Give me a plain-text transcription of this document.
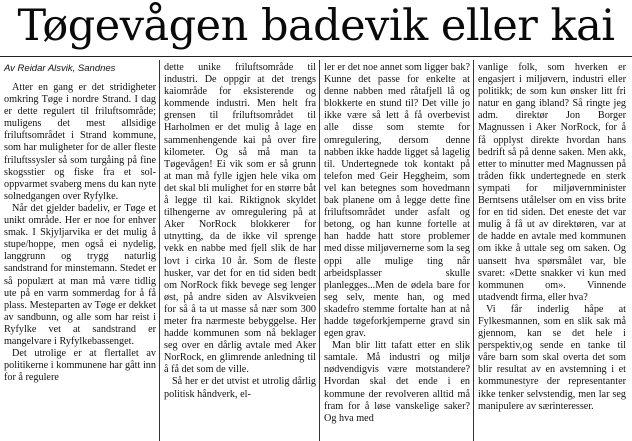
Tøgevågen badevik eller kai
Av Reidar Alsvik, Sandnes

Atter en gang er det stridigheter omkring Tøge i nordre Strand. I dag er dette regulert til friluftsområde; muligens det mest allsidige friluftsområdet i Strand kommune, som har muligheter for de aller fleste friluftssysler så som turgåing på fine skogsstier og fiske fra et sol-oppvarmet svaberg mens du kan nyte solnedgangen over Ryfylke.

Når det gjelder badeliv, er Tøge et unikt område. Her er noe for enhver smak. I Skjyljarvika er det mulig å stupe/hoppe, men også ei nydelig, langgrunn og trygg naturlig sandstrand for minstemann. Stedet er så populært at man må være tidlig ute på en varm sommerdag for å få plass. Mesteparten av Tøge er dekket av sandbunn, og alle som har reist i Ryfylke vet at sandstrand er mangelvare i Ryfylkebassenget.

Det utrolige er at flertallet av politikerne i kommunene har gått inn for å regulere

dette unike friluftsområde til industri. De oppgir at det trengs kaiområde for eksisterende og kommende industri. Men helt fra grensen til friluftsområdet til Harholmen er det mulig å lage en sammenhengende kai på over fire kilometer. Og så må man ta Tøgevågen! Ei vik som er så grunn at man må fylle igjen hele vika om det skal bli mulighet for en større båt å legge til kai. Riktignok skyldet tilhengerne av omregulering på at Aker NorRock blokkerer for utnytting, da de ikke vil sprenge vekk en nabbe med fjell slik de har lovt i cirka 10 år. Som de fleste husker, var det for en tid siden bedt om NorRock fikk bevege seg lenger øst, på andre siden av Alsvikveien for så å ta ut masse så nær som 300 meter fra nærmeste bebyggelse. Her hadde kommunen som nå beklager seg over en dårlig avtale med Aker NorRock, en glimrende anledning til å få det som de ville.

Så her er det utvist et utrolig dårlig politisk håndverk, el-

ler er det noe annet som ligger bak? Kunne det passe for enkelte at denne nabben med råtafjell lå og blokkerte en stund til? Det ville jo ikke være så lett å få overbevist alle disse som stemte for omregulering, dersom denne nabben ikke hadde ligget så lagelig til. Undertegnede tok kontakt på telefon med Geir Heggheim, som vel kan betegnes som hovedmann bak planene om å legge dette fine friluftsområdet under asfalt og betong, og han kunne fortelle at han hadde hatt store problemer med disse miljøvernerne som la seg oppi alle mulige ting når arbeidsplasser skulle planlegges...Men de ødela bare for seg selv, mente han, og med skadefro stemme fortalte han at nå hadde tøgeforkjemperne gravd sin egen grav.

Man blir litt tafatt etter en slik samtale. Må industri og miljø nødvendigvis være motstandere? Hvordan skal det ende i en kommune der revolveren alltid må fram for å løse vanskelige saker? Og hva med

vanlige folk, som hverken er engasjert i miljøvern, industri eller politikk; de som kun ønsker litt fri natur en gang ibland? Så ringte jeg adm. direktør Jon Borger Magnussen i Aker NorRock, for å få opplyst direkte hvordan hans bedrift så på denne saken. Men akk, etter to minutter med Magnussen på tråden fikk undertegnede en sterk sympati for miljøvernminister Berntsens utålelser om en viss brite for en tid siden. Det eneste det var mulig å få ut av direktøren, var at de hadde en avtale med kommunen om ikke å uttale seg om saken. Og uansett hva spørsmålet var, ble svaret: «Dette snakker vi kun med kommunen om». Vinnende utadvendt firma, eller hva?

Vi får inderlig håpe at Fylkesmannen, som en slik sak må gjennom, kan se det hele i perspektiv,og sende en tanke til våre barn som skal overta det som blir resultat av en avstemning i et kommunestyre der representanter ikke tenker selvstendig, men lar seg manipulere av særinteresser.
